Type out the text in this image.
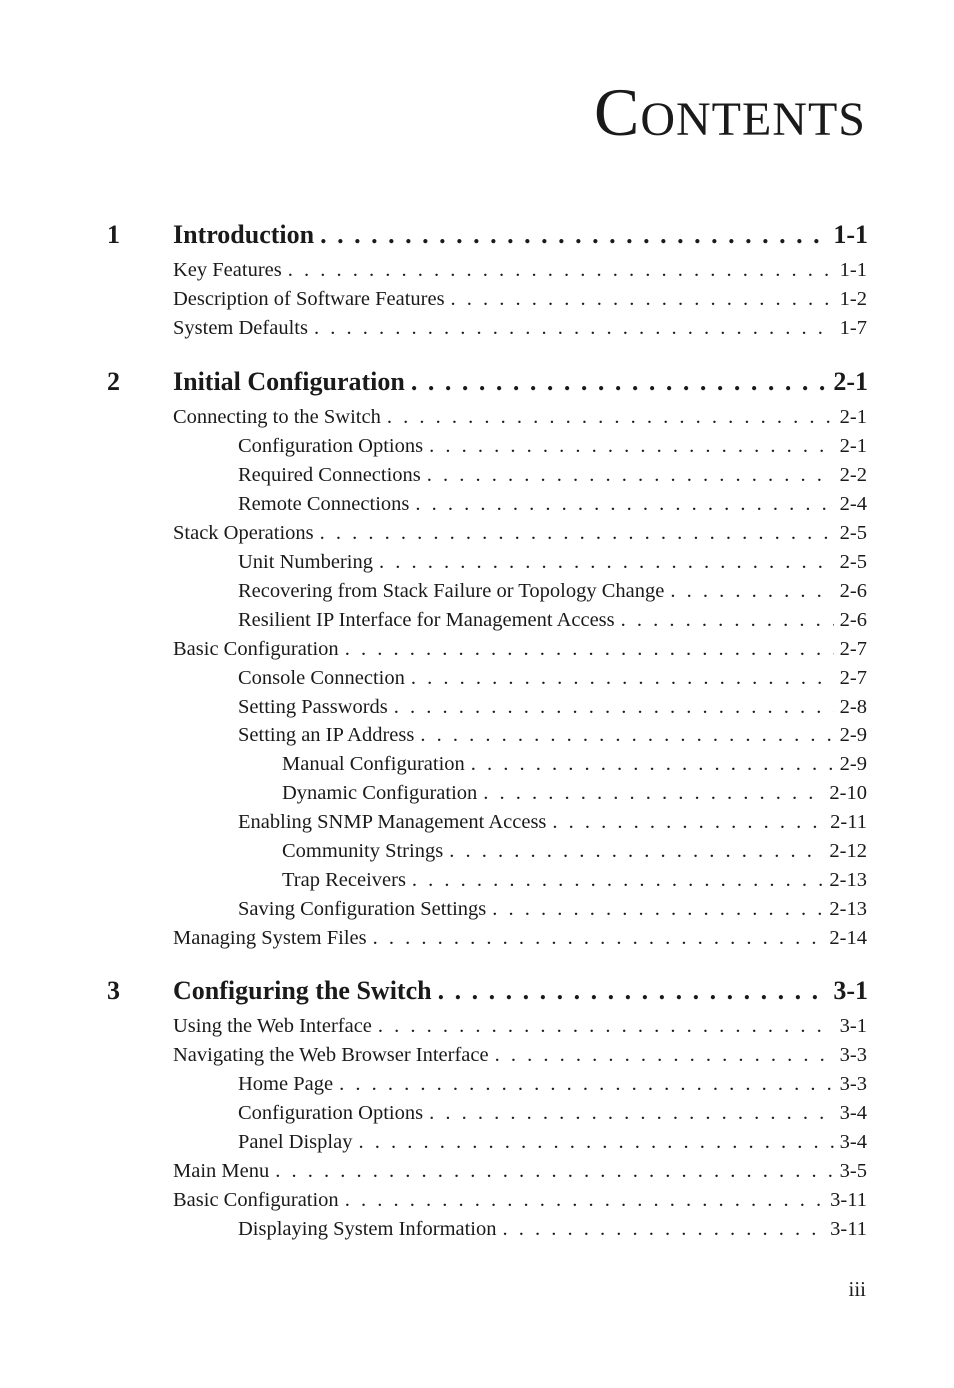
Contents
1 Introduction . . .	1-1
Key Features . . .	1-1
Description of Software Features . . .	1-2
System Defaults . . .	1-7
2 Initial Configuration . . .	2-1
Connecting to the Switch . . .	2-1
Configuration Options . . .	2-1
Required Connections . . .	2-2
Remote Connections . . .	2-4
Stack Operations . . .	2-5
Unit Numbering . . .	2-5
Recovering from Stack Failure or Topology Change . . .	2-6
Resilient IP Interface for Management Access . . .	2-6
Basic Configuration . . .	2-7
Console Connection . . .	2-7
Setting Passwords . . .	2-8
Setting an IP Address . . .	2-9
Manual Configuration . . .	2-9
Dynamic Configuration . . .	2-10
Enabling SNMP Management Access . . .	2-11
Community Strings . . .	2-12
Trap Receivers . . .	2-13
Saving Configuration Settings . . .	2-13
Managing System Files . . .	2-14
3 Configuring the Switch . . .	3-1
Using the Web Interface . . .	3-1
Navigating the Web Browser Interface . . .	3-3
Home Page . . .	3-3
Configuration Options . . .	3-4
Panel Display . . .	3-4
Main Menu . . .	3-5
Basic Configuration . . .	3-11
Displaying System Information . . .	3-11
iii
